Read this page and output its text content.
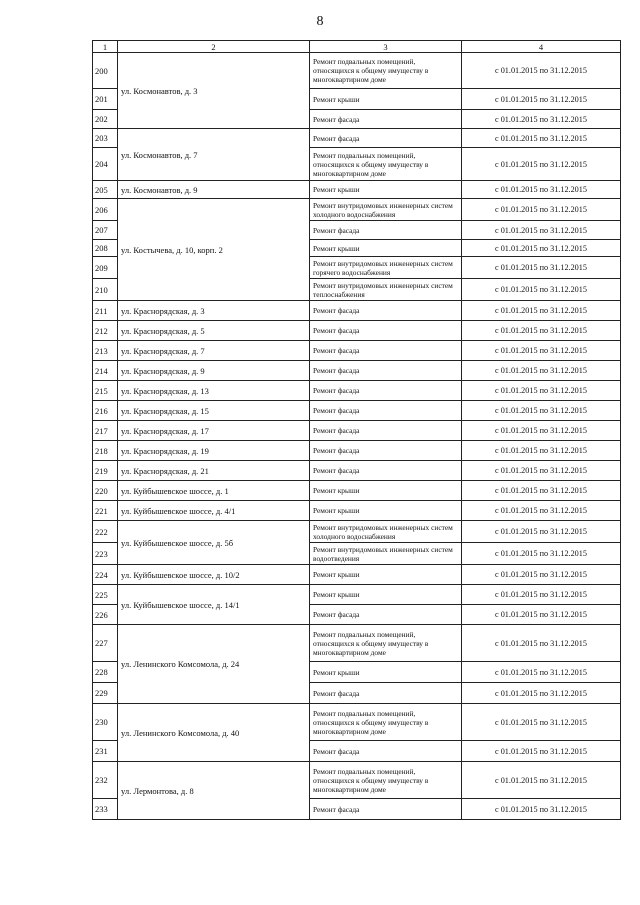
8
1	2	3	4
200	ул. Космонавтов, д. 3	Ремонт подвальных помещений, относящихся к общему имуществу в многоквартирном доме	с 01.01.2015 по 31.12.2015
201		Ремонт крыши	с 01.01.2015 по 31.12.2015
202		Ремонт фасада	с 01.01.2015 по 31.12.2015
203	ул. Космонавтов, д. 7	Ремонт фасада	с 01.01.2015 по 31.12.2015
204		Ремонт подвальных помещений, относящихся к общему имуществу в многоквартирном доме	с 01.01.2015 по 31.12.2015
205	ул. Космонавтов, д. 9	Ремонт крыши	с 01.01.2015 по 31.12.2015
206	ул. Костычева, д. 10, корп. 2	Ремонт внутридомовых инженерных систем холодного водоснабжения	с 01.01.2015 по 31.12.2015
207		Ремонт фасада	с 01.01.2015 по 31.12.2015
208		Ремонт крыши	с 01.01.2015 по 31.12.2015
209		Ремонт внутридомовых инженерных систем горячего водоснабжения	с 01.01.2015 по 31.12.2015
210		Ремонт внутридомовых инженерных систем теплоснабжения	с 01.01.2015 по 31.12.2015
211	ул. Краснорядская, д. 3	Ремонт фасада	с 01.01.2015 по 31.12.2015
212	ул. Краснорядская, д. 5	Ремонт фасада	с 01.01.2015 по 31.12.2015
213	ул. Краснорядская, д. 7	Ремонт фасада	с 01.01.2015 по 31.12.2015
214	ул. Краснорядская, д. 9	Ремонт фасада	с 01.01.2015 по 31.12.2015
215	ул. Краснорядская, д. 13	Ремонт фасада	с 01.01.2015 по 31.12.2015
216	ул. Краснорядская, д. 15	Ремонт фасада	с 01.01.2015 по 31.12.2015
217	ул. Краснорядская, д. 17	Ремонт фасада	с 01.01.2015 по 31.12.2015
218	ул. Краснорядская, д. 19	Ремонт фасада	с 01.01.2015 по 31.12.2015
219	ул. Краснорядская, д. 21	Ремонт фасада	с 01.01.2015 по 31.12.2015
220	ул. Куйбышевское шоссе, д. 1	Ремонт крыши	с 01.01.2015 по 31.12.2015
221	ул. Куйбышевское шоссе, д. 4/1	Ремонт крыши	с 01.01.2015 по 31.12.2015
222	ул. Куйбышевское шоссе, д. 5б	Ремонт внутридомовых инженерных систем холодного водоснабжения	с 01.01.2015 по 31.12.2015
223		Ремонт внутридомовых инженерных систем водоотведения	с 01.01.2015 по 31.12.2015
224	ул. Куйбышевское шоссе, д. 10/2	Ремонт крыши	с 01.01.2015 по 31.12.2015
225	ул. Куйбышевское шоссе, д. 14/1	Ремонт крыши	с 01.01.2015 по 31.12.2015
226		Ремонт фасада	с 01.01.2015 по 31.12.2015
227	ул. Ленинского Комсомола, д. 24	Ремонт подвальных помещений, относящихся к общему имуществу в многоквартирном доме	с 01.01.2015 по 31.12.2015
228		Ремонт крыши	с 01.01.2015 по 31.12.2015
229		Ремонт фасада	с 01.01.2015 по 31.12.2015
230	ул. Ленинского Комсомола, д. 40	Ремонт подвальных помещений, относящихся к общему имуществу в многоквартирном доме	с 01.01.2015 по 31.12.2015
231		Ремонт фасада	с 01.01.2015 по 31.12.2015
232	ул. Лермонтова, д. 8	Ремонт подвальных помещений, относящихся к общему имуществу в многоквартирном доме	с 01.01.2015 по 31.12.2015
233		Ремонт фасада	с 01.01.2015 по 31.12.2015
